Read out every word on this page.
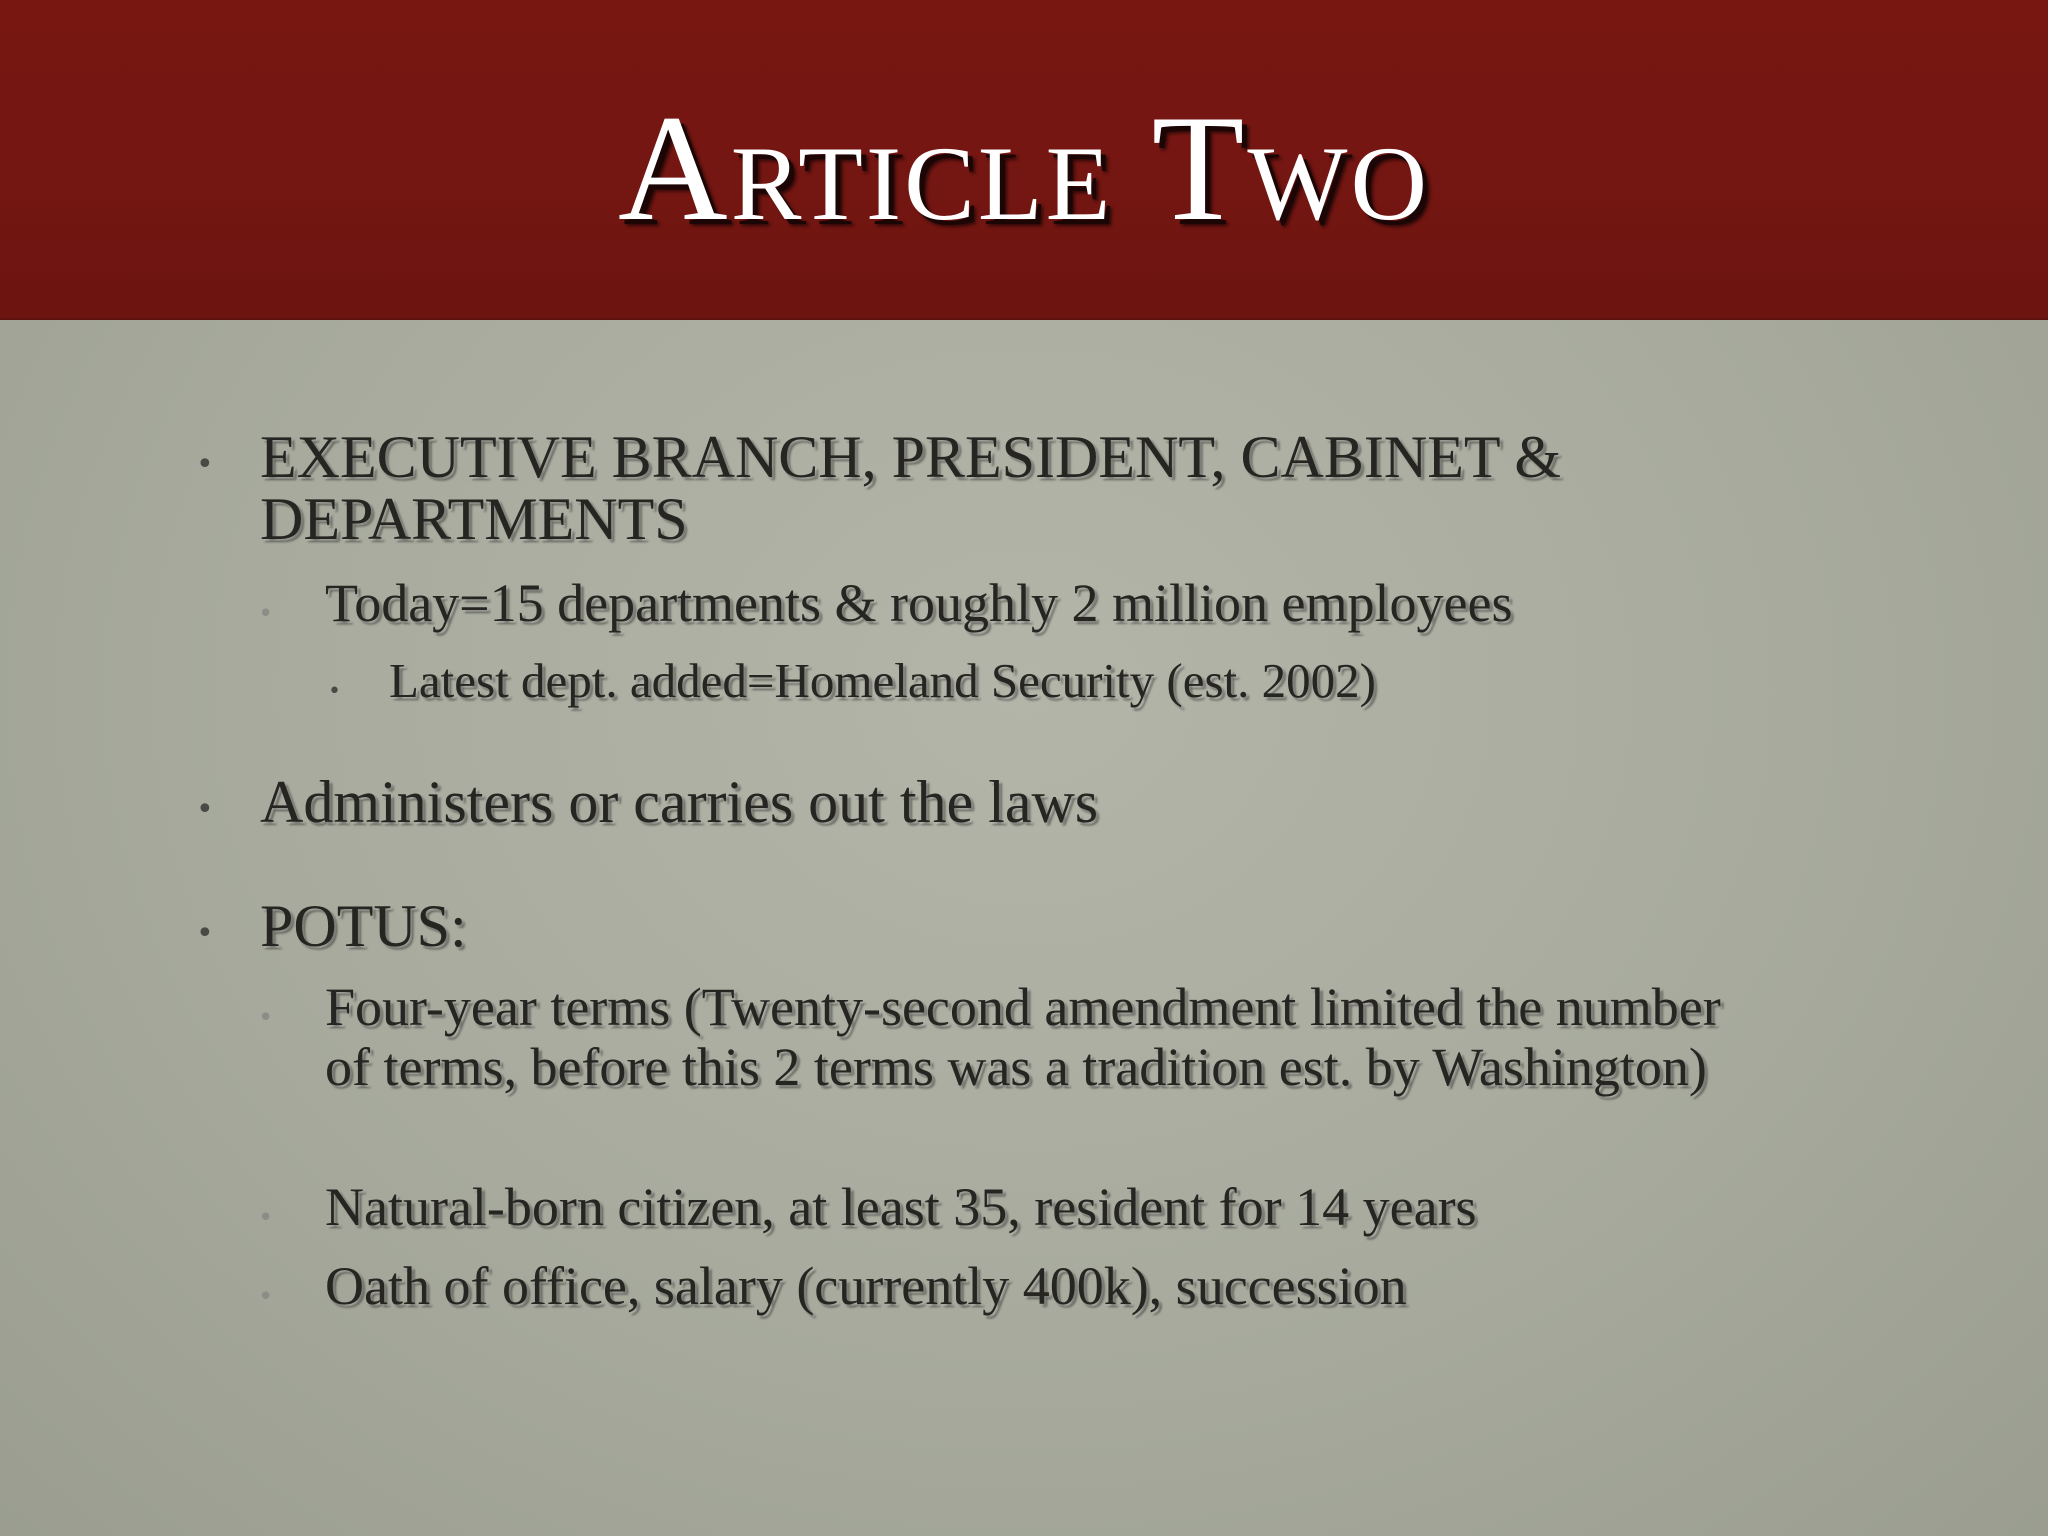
Article Two
• EXECUTIVE BRANCH, PRESIDENT, CABINET & DEPARTMENTS
• Today=15 departments & roughly 2 million employees
• Latest dept. added=Homeland Security (est. 2002)
• Administers or carries out the laws
• POTUS:
• Four-year terms (Twenty-second amendment limited the number of terms, before this 2 terms was a tradition est. by Washington)
• Natural-born citizen, at least 35, resident for 14 years
• Oath of office, salary (currently 400k), succession
